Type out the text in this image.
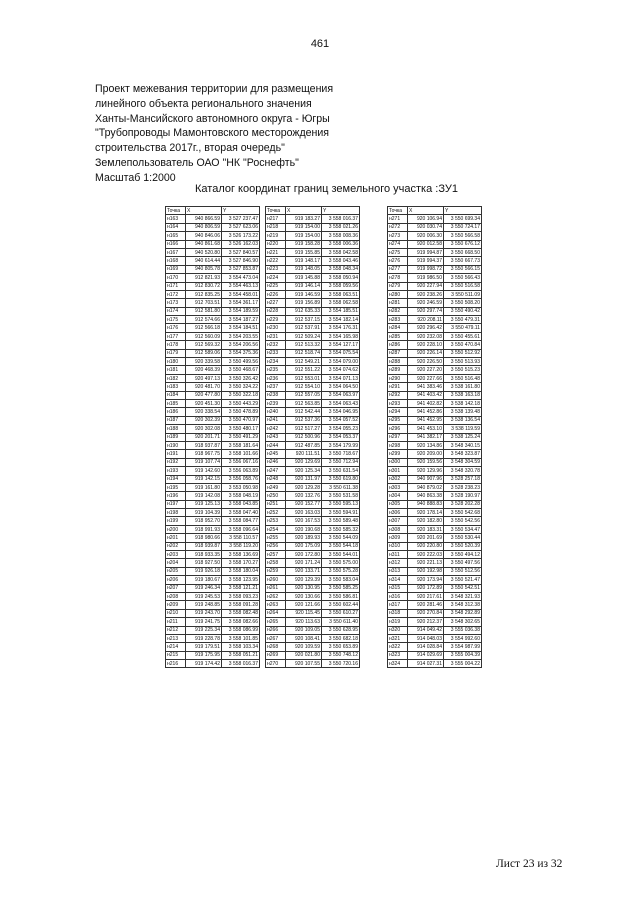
461
Проект межевания территории для размещения
линейного объекта регионального значения
Ханты-Мансийского автономного округа - Югры
"Трубопроводы Мамонтовского месторождения
строительства 2017г., вторая очередь"
Землепользователь ОАО "НК "Роснефть"
Масштаб 1:2000
Каталог координат границ земельного участка :ЗУ1
Точка	X	Y
н163	940 866.59	3 527 237.47
н164	940 806.59	3 527 623.06
н165	940 846.06	3 526 173.22
н166	940 861.68	3 526 162.03
н167	940 520.80	3 527 840.57
н168	940 614.44	3 527 846.90
н169	940 805.78	3 527 853.87
н170	912 821.93	3 554 473.04
н171	912 830.72	3 554 463.13
н172	912 835.25	3 554 458.01
н173	912 703.51	3 554 361.17
н174	912 581.80	3 554 189.59
н175	912 574.66	3 554 187.27
н176	912 566.18	3 554 184.51
н177	912 560.09	3 554 203.55
н178	912 569.32	3 554 206.56
н179	912 589.06	3 554 375.36
н180	920 339.58	3 550 499.56
н181	920 468.39	3 550 468.67
н182	920 497.13	3 550 326.42
н183	920 481.70	3 550 324.22
н184	920 477.80	3 550 322.18
н185	920 451.30	3 550 443.29
н186	920 338.54	3 550 478.89
н187	920 302.39	3 550 470.97
н188	920 302.08	3 550 480.17
н189	920 201.71	3 550 491.29
н190	918 937.87	3 558 181.64
н191	918 967.75	3 558 101.66
н192	919 107.74	3 556 067.16
н193	919 142.60	3 556 063.89
н194	919 142.15	3 556 058.76
н195	919 161.80	3 553 050.98
н196	919 142.08	3 558 048.19
н197	919 125.13	3 558 043.85
н198	919 104.39	3 558 047.40
н199	918 952.70	3 558 084.77
н200	918 991.93	3 558 096.64
н201	918 980.66	3 558 110.57
н202	918 939.87	3 558 119.20
н203	918 933.35	3 558 136.69
н204	918 927.50	3 558 170.27
н205	919 926.18	3 558 180.04
н206	919 180.67	3 558 123.95
н207	919 246.34	3 558 121.21
н208	919 245.53	3 558 093.23
н209	919 248.85	3 558 091.28
н210	919 243.70	3 558 082.48
н211	919 241.75	3 558 082.66
н212	919 225.34	3 558 086.99
н213	919 228.78	3 558 101.85
н214	919 179.51	3 558 103.34
н215	919 175.95	3 558 051.21
н216	919 174.42	3 558 016.37
Точка	X	Y
н217	919 183.27	3 558 016.37
н218	919 154.00	3 558 021.26
н219	919 154.00	3 558 008.36
н220	919 158.28	3 558 006.36
н221	919 155.85	3 558 042.58
н222	919 148.17	3 558 043.46
н223	919 148.05	3 558 048.34
н224	919 145.88	3 558 050.94
н225	919 146.14	3 558 059.56
н226	919 146.59	3 558 063.51
н227	919 156.89	3 558 062.58
н228	912 635.33	3 554 185.51
н229	912 537.15	3 554 182.14
н230	912 537.91	3 554 176.31
н231	912 509.24	3 554 165.98
н232	912 513.32	3 554 127.17
н233	912 518.74	3 554 075.54
н234	912 549.21	3 554 079.00
н235	912 551.22	3 554 074.62
н236	912 553.01	3 554 071.13
н237	912 554.10	3 554 064.50
н238	912 557.05	3 554 063.97
н239	912 563.85	3 554 063.43
н240	912 542.44	3 554 046.95
н241	912 537.36	3 554 057.52
н242	912 517.27	3 554 055.23
н243	912 500.96	3 554 053.37
н244	912 487.85	3 554 179.99
н245	920 111.51	3 550 718.67
н246	920 129.69	3 550 712.94
н247	920 125.34	3 550 631.54
н248	920 131.97	3 550 619.80
н249	920 129.28	3 550 611.38
н250	920 132.76	3 550 531.58
н251	920 152.77	3 550 595.13
н252	920 163.03	3 550 594.91
н253	920 167.53	3 550 589.48
н254	920 190.68	3 550 585.32
н255	920 189.93	3 550 544.09
н256	920 175.09	3 550 544.18
н257	920 172.80	3 550 544.01
н258	920 171.24	3 550 575.00
н259	920 133.71	3 550 575.28
н260	920 129.39	3 550 583.04
н261	920 130.95	3 550 585.25
н262	920 130.66	3 550 586.81
н263	920 121.66	3 550 602.44
н264	920 115.45	3 550 610.27
н265	920 113.63	3 550 611.40
н266	920 109.05	3 550 628.95
н267	920 108.41	3 550 682.18
н268	920 109.59	3 550 653.89
н269	920 021.80	3 550 748.12
н270	920 107.55	3 550 720.16
Точка	X	Y
н271	920 106.94	3 550 699.34
н272	920 030.74	3 550 724.17
н273	920 006.30	3 550 566.58
н274	920 012.58	3 550 676.12
н275	919 994.87	3 550 668.50
н276	919 994.37	3 550 667.73
н277	919 998.72	3 550 566.15
н278	919 986.50	3 550 566.43
н279	920 227.94	3 550 516.58
н280	920 238.26	3 550 511.09
н281	920 246.59	3 550 508.20
н282	920 297.74	3 550 490.42
н283	920 208.11	3 550 479.31
н284	920 296.42	3 550 479.11
н285	920 232.08	3 550 455.61
н286	920 228.10	3 550 470.84
н287	920 226.14	3 550 512.92
н288	920 226.50	3 550 513.93
н289	920 227.20	3 550 515.23
н290	920 227.66	3 550 516.48
н291	941 383.46	3 538 161.80
н292	941 403.42	3 538 163.18
н293	941 402.82	3 538 142.18
н294	941 452.86	3 538 139.48
н295	941 452.95	3 538 136.54
н296	941 453.10	3 538 119.59
н297	941 382.17	3 538 125.24
н298	920 134.86	3 548 340.15
н299	920 209.00	3 548 323.87
н300	920 159.56	3 548 304.59
н301	920 129.96	3 548 320.78
н302	940 907.96	3 528 257.18
н303	940 879.02	3 528 238.23
н304	940 863.38	3 528 190.97
н305	940 888.83	3 528 202.28
н306	920 178.14	3 550 542.68
н307	920 182.80	3 550 542.56
н308	920 183.31	3 550 534.47
н309	920 201.69	3 550 530.44
н310	920 220.80	3 550 520.39
н311	920 222.03	3 550 494.12
н312	920 221.13	3 550 497.56
н313	920 192.98	3 550 512.56
н314	920 173.94	3 550 521.47
н315	920 172.89	3 550 542.51
н316	920 217.61	3 548 321.93
н317	920 281.46	3 548 312.38
н318	920 270.84	3 548 292.89
н319	920 212.37	3 548 302.65
н320	914 049.42	3 555 036.38
н321	914 048.03	3 554 992.60
н322	914 028.84	3 554 987.99
н323	914 029.69	3 555 004.39
н324	914 027.31	3 555 004.22
Лист 23 из 32
